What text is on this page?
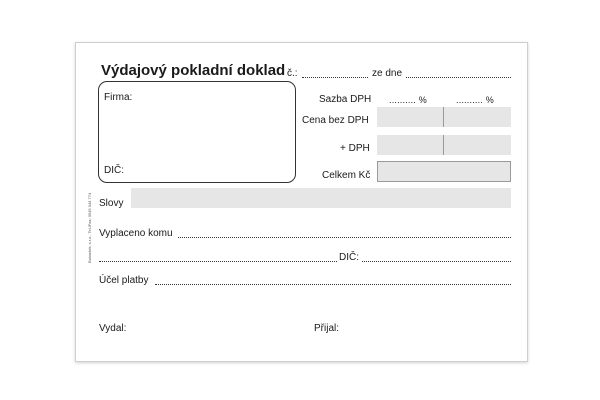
Výdajový pokladní doklad č.:	ze dne
Firma:
DIČ:
Sazba DPH .......... %	.......... %
Cena bez DPH
+ DPH
Celkem Kč
Slovy
Vyplaceno komu
DIČ:
Účel platby
Vydal:	Přijal:
Baloušek, s.r.o., Tel./Fax: 0549 044 774
